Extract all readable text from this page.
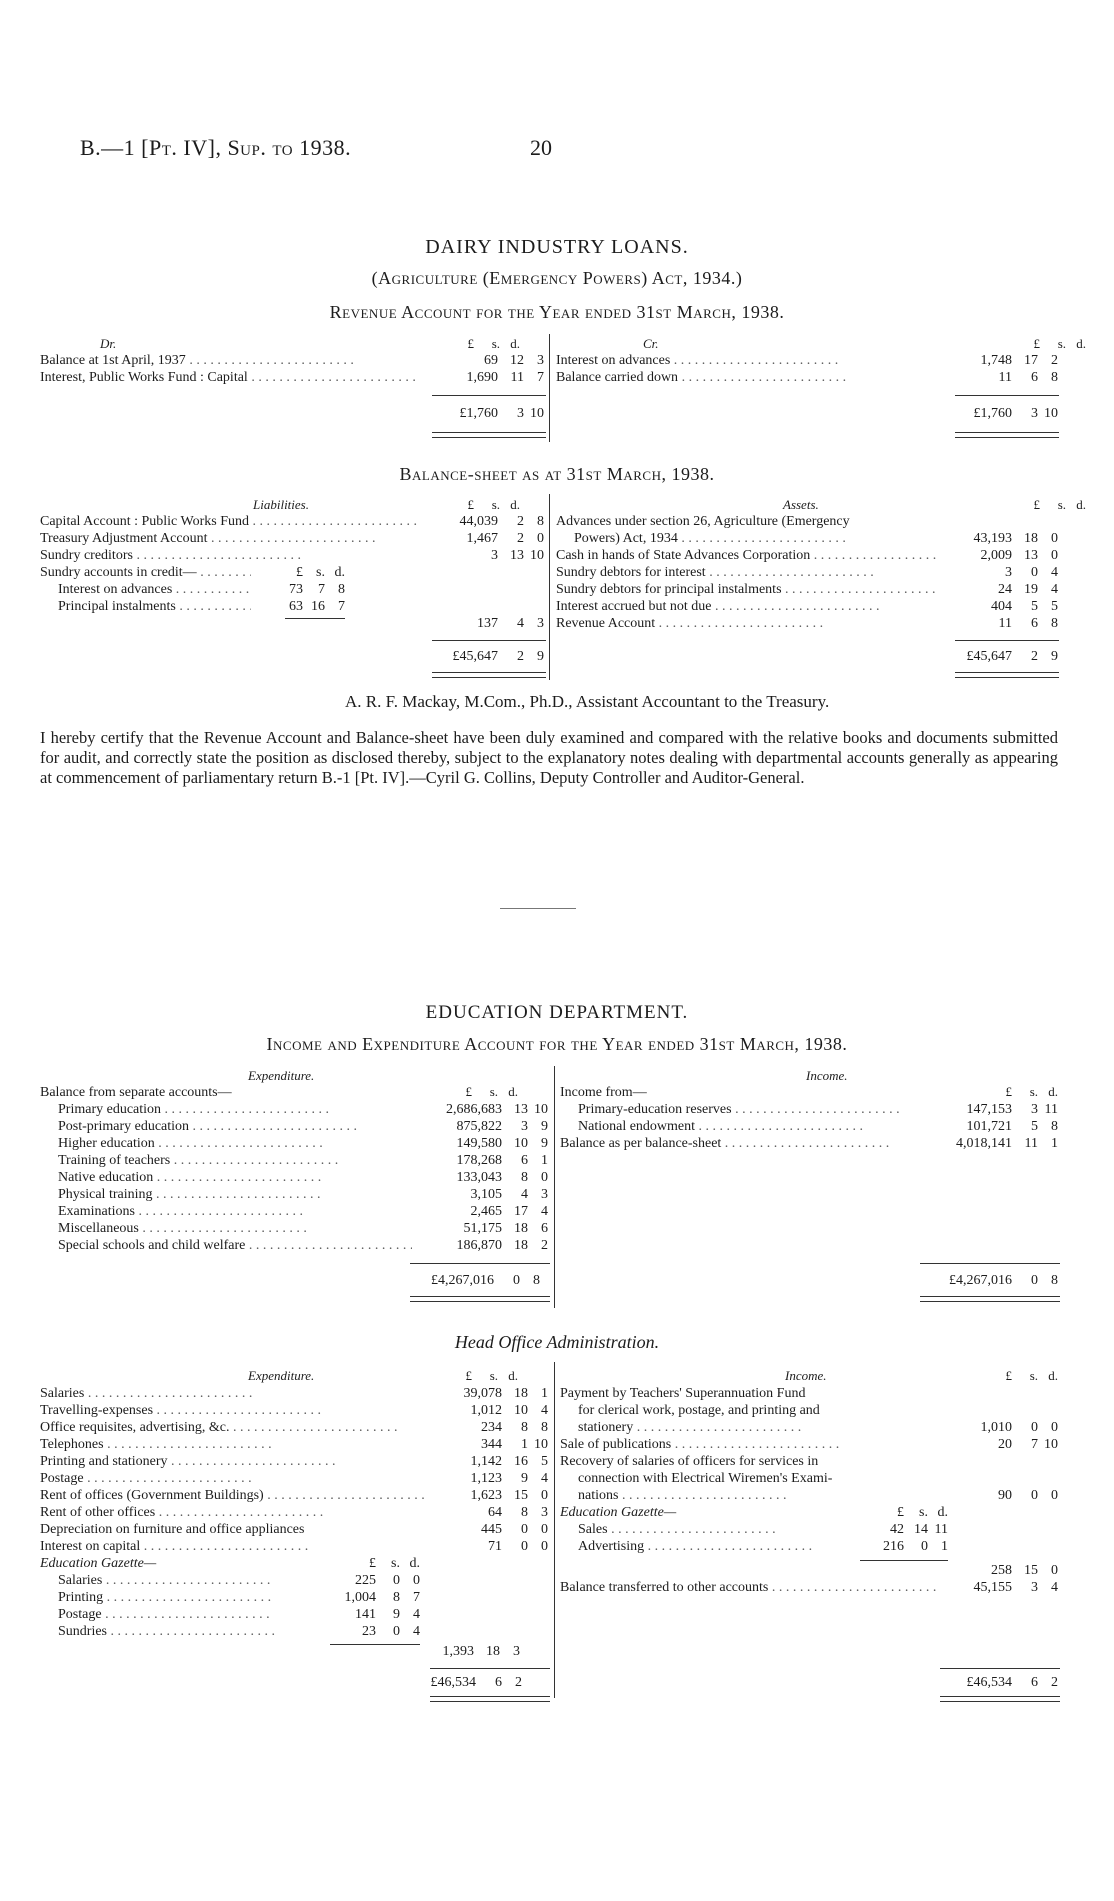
B.—1 [Pt. IV], Sup. to 1938.	20
DAIRY INDUSTRY LOANS.
(Agriculture (Emergency Powers) Act, 1934.)
Revenue Account for the Year ended 31st March, 1938.
Dr.	Cr.
£	s. d.	£	s. d.
Balance at 1st April, 1937 . .	69 12 3
Interest, Public Works Fund : Capital . .	1,690 11 7
Interest on advances . .	1,748 17 2
Balance carried down . .	11	6 8
£1,760	3 10	£1,760	3 10
Balance-sheet as at 31st March, 1938.
Liabilities.	Assets.
£	s. d.	£	s. d.
Capital Account : Public Works Fund . .	44,039	2 8
Treasury Adjustment Account . .	1,467	2 0
Sundry creditors . .	3 13 10
Sundry accounts in credit— . .	£ s. d.
Interest on advances . .	73	7 8
Principal instalments . .	63 16 7
137	4 3
Advances under section 26, Agriculture (Emergency
Powers) Act, 1934 . .	43,193 18 0
Cash in hands of State Advances Corporation . .	2,009 13 0
Sundry debtors for interest . .	3	0 4
Sundry debtors for principal instalments . .	24 19 4
Interest accrued but not due . .	404	5 5
Revenue Account . .	11	6 8
£45,647	2 9	£45,647	2 9
A. R. F. Mackay, M.Com., Ph.D., Assistant Accountant to the Treasury.
I hereby certify that the Revenue Account and Balance-sheet have been duly examined and compared with the relative books and documents submitted for audit, and correctly state the position as disclosed thereby, subject to the explanatory notes dealing with departmental accounts generally as appearing at commencement of parliamentary return B.-1 [Pt. IV].—Cyril G. Collins, Deputy Controller and Auditor-General.
EDUCATION DEPARTMENT.
Income and Expenditure Account for the Year ended 31st March, 1938.
Expenditure.	Income.
£	s. d.	£	s. d.
Balance from separate accounts—
Primary education . .	2,686,683 13 10
Post-primary education . .	875,822	3 9
Higher education . .	149,580 10 9
Training of teachers . .	178,268	6 1
Native education . .	133,043	8 0
Physical training . .	3,105	4 3
Examinations . .	2,465 17 4
Miscellaneous . .	51,175 18 6
Special schools and child welfare . .	186,870 18 2
Income from—
Primary-education reserves . .	147,153	3 11
National endowment . .	101,721	5 8
Balance as per balance-sheet . .	4,018,141 11 1
£4,267,016	0 8	£4,267,016	0 8
Head Office Administration.
Expenditure.	Income.
£	s. d.	£	s. d.
Salaries . .	39,078 18 1
Travelling-expenses . .	1,012 10 4
Office requisites, advertising, &c. . .	234	8 8
Telephones . .	344	1 10
Printing and stationery . .	1,142 16 5
Postage . .	1,123	9 4
Rent of offices (Government Buildings) . .	1,623 15 0
Rent of other offices . .	64	8 3
Depreciation on furniture and office appliances	445	0 0
Interest on capital . .	71	0 0
Education Gazette—	£	s. d.
Salaries . .	225	0 0
Printing . .	1,004	8 7
Postage . .	141	9 4
Sundries . .	23	0 4
1,393 18 3
Payment by Teachers' Superannuation Fund
for clerical work, postage, and printing and
stationery . .	1,010	0 0
Sale of publications . .	20	7 10
Recovery of salaries of officers for services in
connection with Electrical Wiremen's Exami-
nations . .	90	0 0
Education Gazette—	£	s. d.
Sales . .	42 14 11
Advertising . .	216	0 1
258 15 0
Balance transferred to other accounts . .	45,155	3 4
£46,534	6 2	£46,534	6 2
